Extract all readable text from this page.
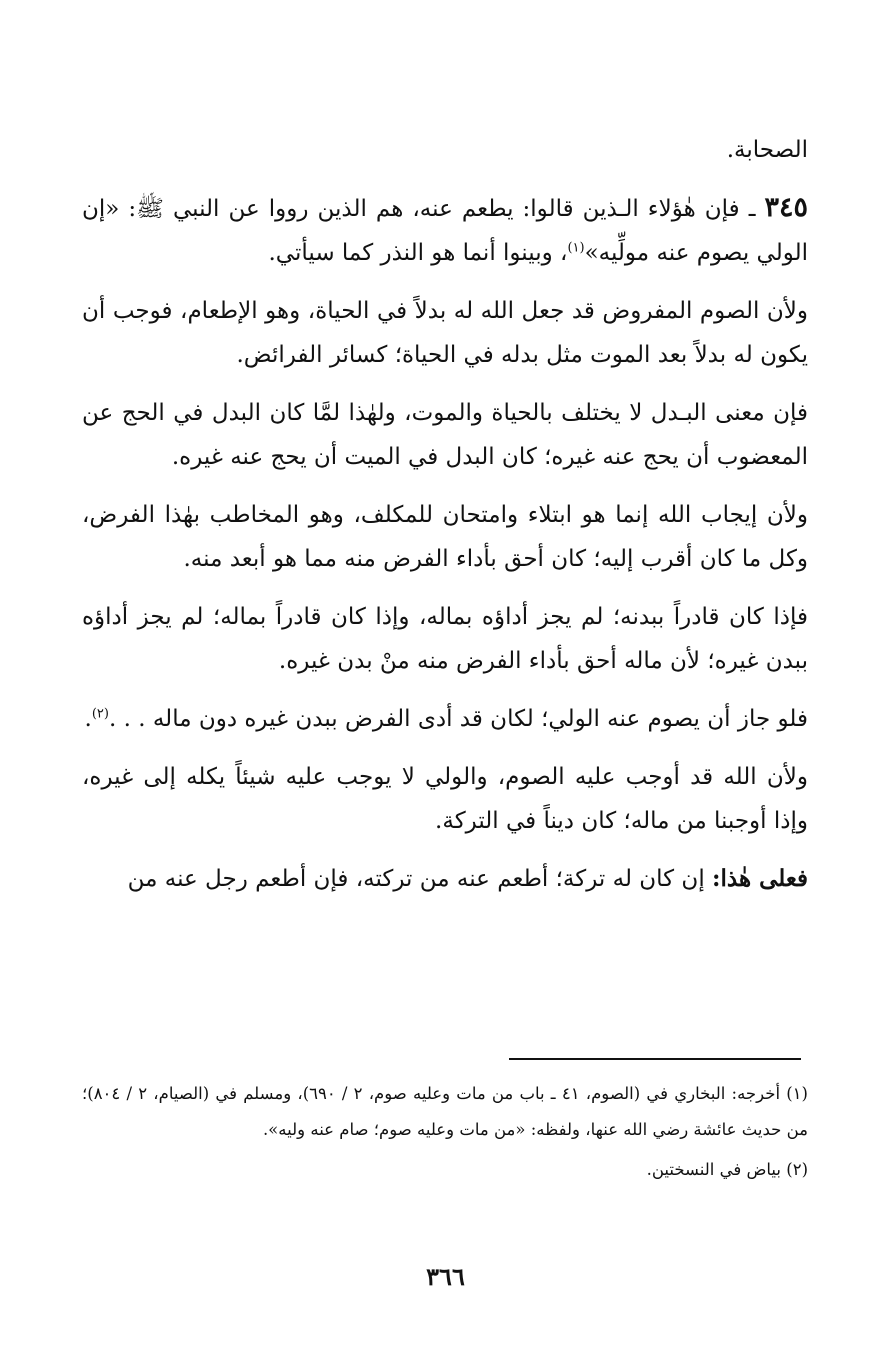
الصحابة.

٣٤٥ ـ فإن هٰؤلاء الـذين قالوا: يطعم عنه، هم الذين رووا عن النبي ﷺ: «إن الولي يصوم عنه مولِّيه»$^{(١)}$، وبينوا أنما هو النذر كما سيأتي.

ولأن الصوم المفروض قد جعل الله له بدلاً في الحياة، وهو الإطعام، فوجب أن يكون له بدلاً بعد الموت مثل بدله في الحياة؛ كسائر الفرائض.

فإن معنى البـدل لا يختلف بالحياة والموت، ولهٰذا لمَّا كان البدل في الحج عن المعضوب أن يحج عنه غيره؛ كان البدل في الميت أن يحج عنه غيره.

ولأن إيجاب الله إنما هو ابتلاء وامتحان للمكلف، وهو المخاطب بهٰذا الفرض، وكل ما كان أقرب إليه؛ كان أحق بأداء الفرض منه مما هو أبعد منه.

فإذا كان قادراً ببدنه؛ لم يجز أداؤه بماله، وإذا كان قادراً بماله؛ لم يجز أداؤه ببدن غيره؛ لأن ماله أحق بأداء الفرض منه منْ بدن غيره.

فلو جاز أن يصوم عنه الولي؛ لكان قد أدى الفرض ببدن غيره دون ماله . . .$^{(٢)}$.

ولأن الله قد أوجب عليه الصوم، والولي لا يوجب عليه شيئاً يكله إلى غيره، وإذا أوجبنا من ماله؛ كان ديناً في التركة.

فعلى هٰذا: إن كان له تركة؛ أطعم عنه من تركته، فإن أطعم رجل عنه من

(١) أخرجه: البخاري في (الصوم، ٤١ ـ باب من مات وعليه صوم، ٢ / ٦٩٠)، ومسلم في (الصيام، ٢ / ٨٠٤)؛ من حديث عائشة رضي الله عنها، ولفظه: «من مات وعليه صوم؛ صام عنه وليه».

(٢) بياض في النسختين.

٣٦٦
